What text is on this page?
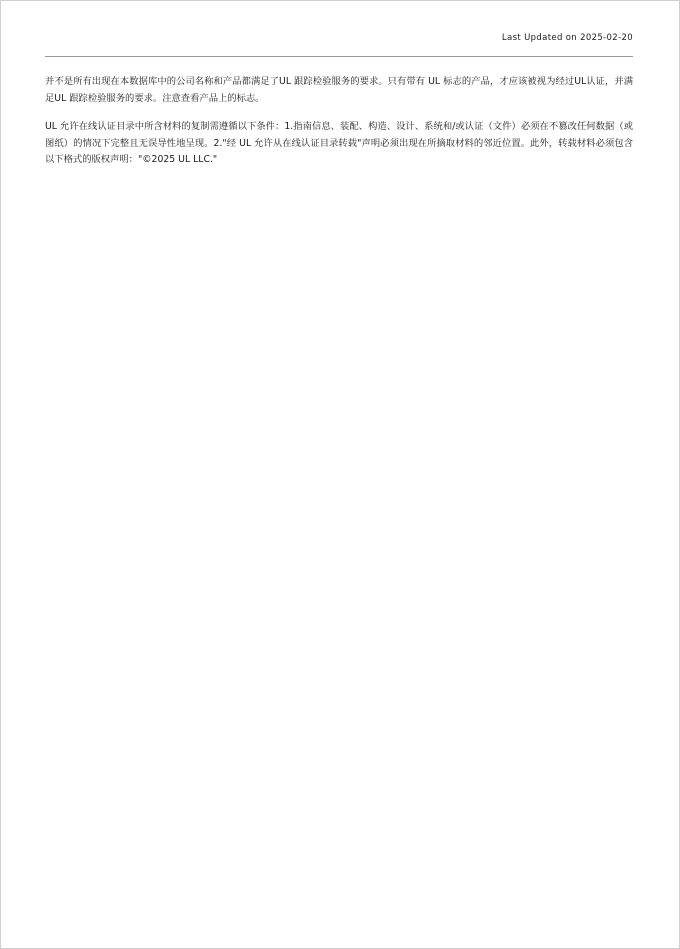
Last Updated on 2025-02-20

并不是所有出现在本数据库中的公司名称和产品都满足了UL 跟踪检验服务的要求。只有带有 UL 标志的产品，才应该被视为经过UL认证，并满足UL 跟踪检验服务的要求。注意查看产品上的标志。

UL 允许在线认证目录中所含材料的复制需遵循以下条件：1.指南信息、装配、构造、设计、系统和/或认证（文件）必须在不篡改任何数据（或图纸）的情况下完整且无误导性地呈现。2."经 UL 允许从在线认证目录转载"声明必须出现在所摘取材料的邻近位置。此外，转载材料必须包含以下格式的版权声明："©2025 UL LLC."
